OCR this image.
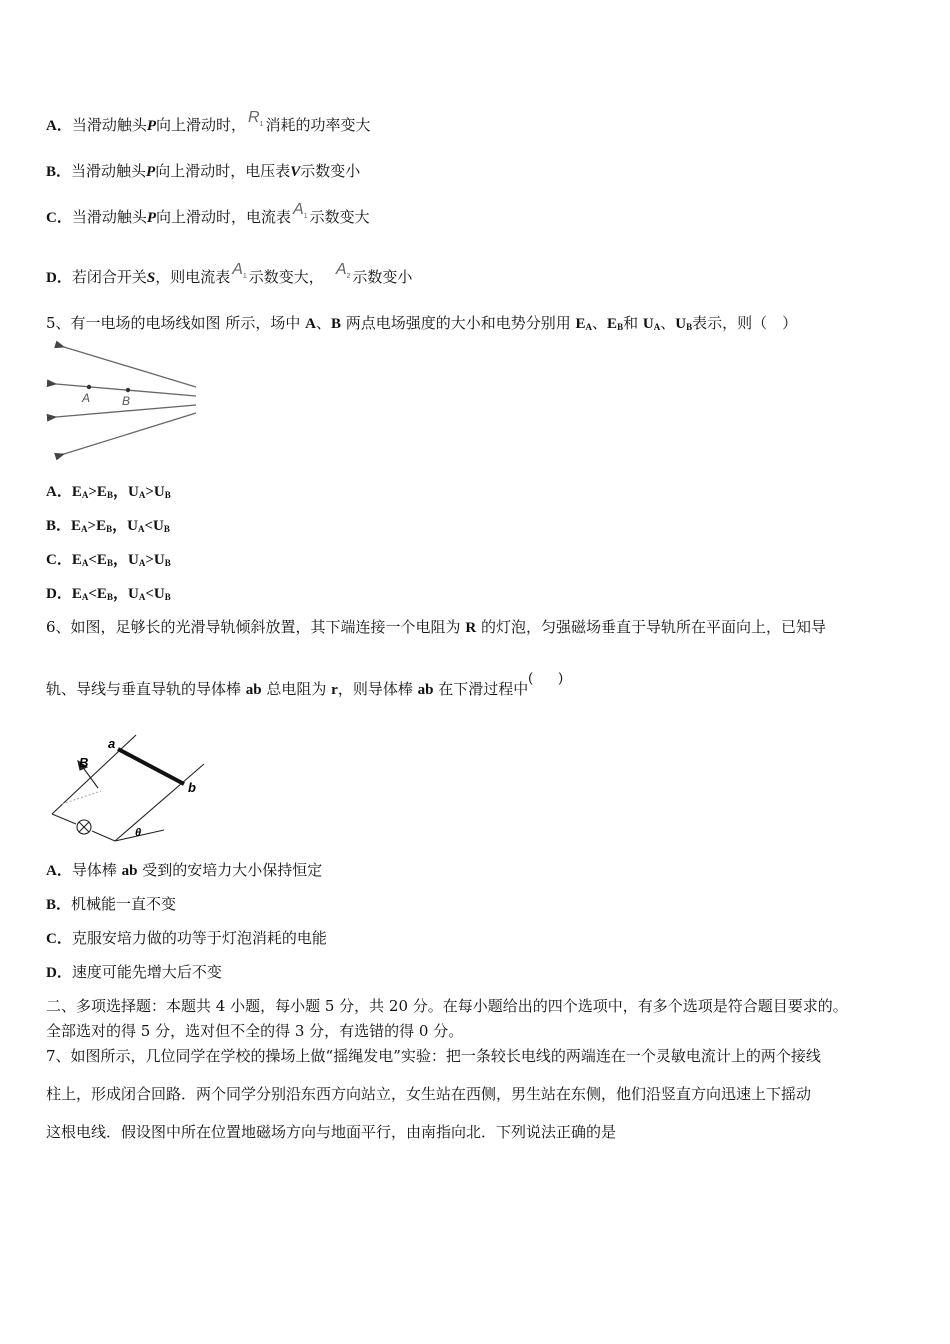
A．当滑动触头P向上滑动时， $R_1$ 消耗的功率变大
B．当滑动触头P向上滑动时，电压表V示数变小
C．当滑动触头P向上滑动时，电流表 $A_1$ 示数变大
D．若闭合开关S，则电流表 $A_1$ 示数变大， $A_2$ 示数变小
5、有一电场的电场线如图 所示，场中 A、B 两点电场强度的大小和电势分别用 $E_A$、$E_B$和 $U_A$、$U_B$表示，则（　）
A	B
A．$E_A>E_B$，$U_A>U_B$
B．$E_A>E_B$，$U_A<U_B$
C．$E_A<E_B$，$U_A>U_B$
D．$E_A<E_B$，$U_A<U_B$
6、如图，足够长的光滑导轨倾斜放置，其下端连接一个电阻为 R 的灯泡，匀强磁场垂直于导轨所在平面向上，已知导
轨、导线与垂直导轨的导体棒 ab 总电阻为 r，则导体棒 ab 在下滑过程中(　　)
a
b
B
θ
A．导体棒 ab 受到的安培力大小保持恒定
B．机械能一直不变
C．克服安培力做的功等于灯泡消耗的电能
D．速度可能先增大后不变
二、多项选择题：本题共 4 小题，每小题 5 分，共 20 分。在每小题给出的四个选项中，有多个选项是符合题目要求的。
全部选对的得 5 分，选对但不全的得 3 分，有选错的得 0 分。
7、如图所示，几位同学在学校的操场上做“摇绳发电”实验：把一条较长电线的两端连在一个灵敏电流计上的两个接线
柱上，形成闭合回路．两个同学分别沿东西方向站立，女生站在西侧，男生站在东侧，他们沿竖直方向迅速上下摇动
这根电线．假设图中所在位置地磁场方向与地面平行，由南指向北．下列说法正确的是
